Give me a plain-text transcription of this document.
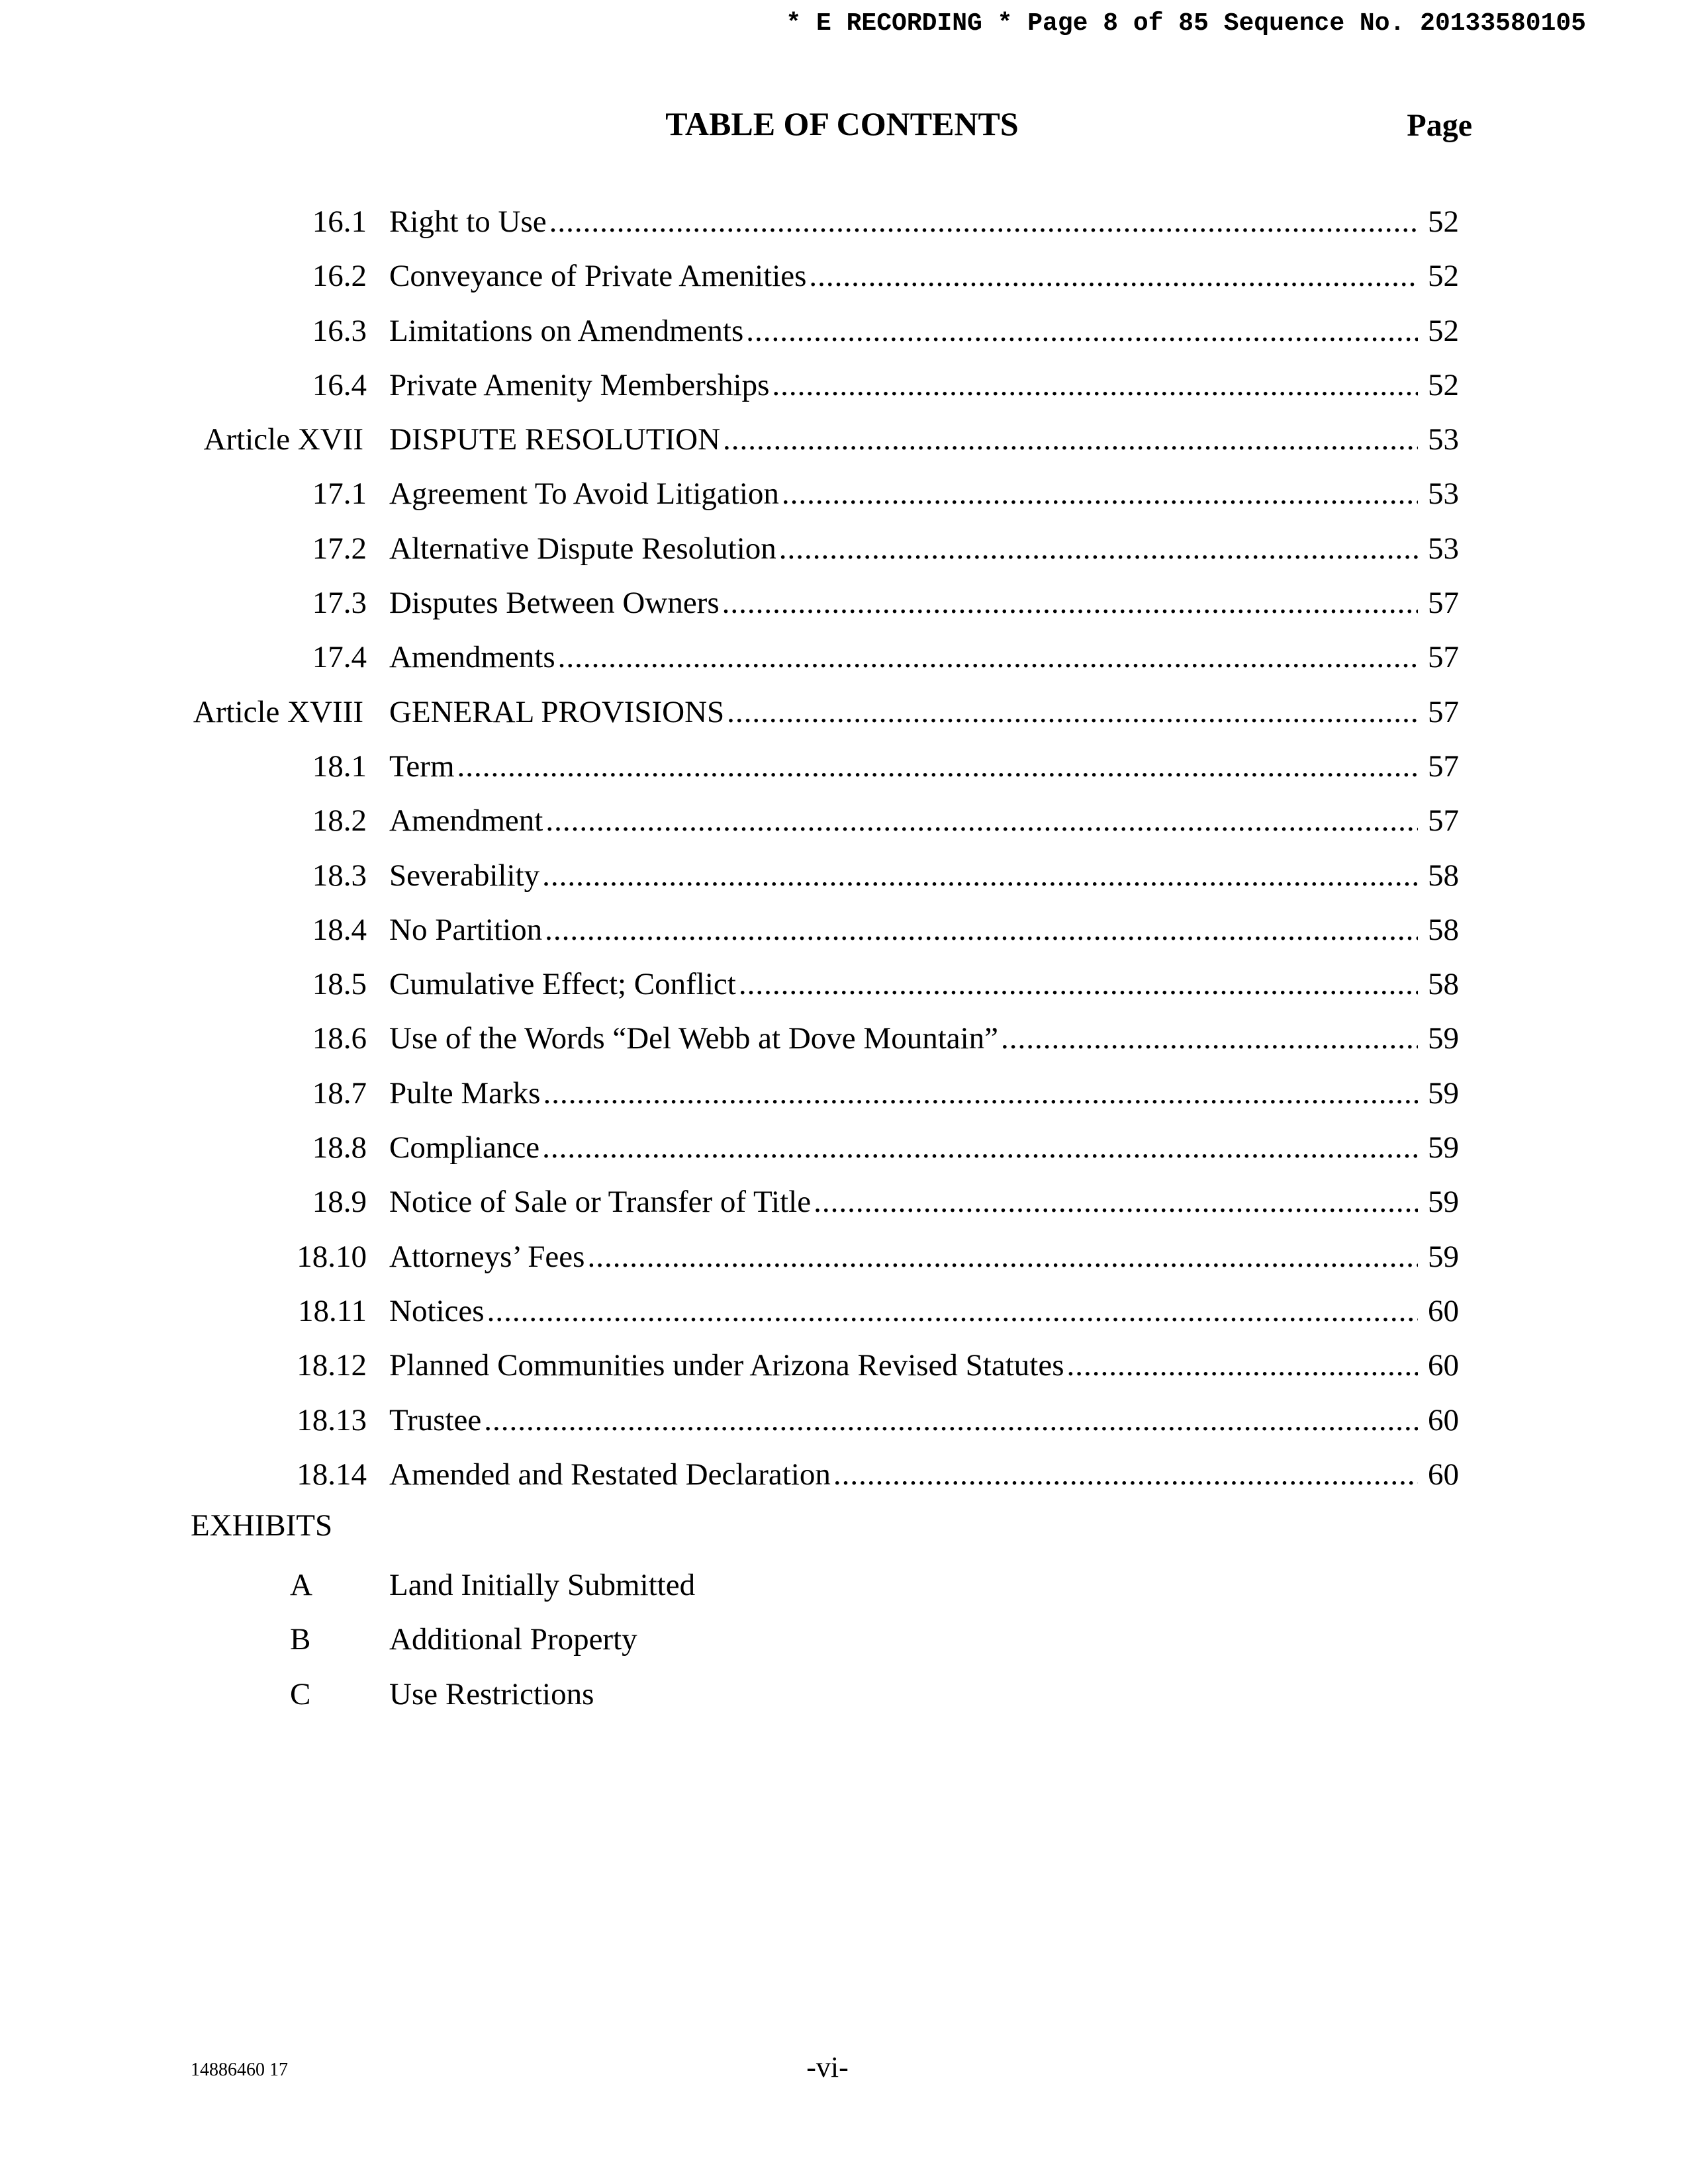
* E RECORDING * Page 8 of 85 Sequence No. 20133580105
TABLE OF CONTENTS	Page
16.1 Right to Use .....	52
16.2 Conveyance of Private Amenities .....	52
16.3 Limitations on Amendments .....	52
16.4 Private Amenity Memberships .....	52
Article XVII DISPUTE RESOLUTION .....	53
17.1 Agreement To Avoid Litigation .....	53
17.2 Alternative Dispute Resolution .....	53
17.3 Disputes Between Owners .....	57
17.4 Amendments .....	57
Article XVIII GENERAL PROVISIONS .....	57
18.1 Term .....	57
18.2 Amendment .....	57
18.3 Severability .....	58
18.4 No Partition .....	58
18.5 Cumulative Effect; Conflict .....	58
18.6 Use of the Words “Del Webb at Dove Mountain” .....	59
18.7 Pulte Marks .....	59
18.8 Compliance .....	59
18.9 Notice of Sale or Transfer of Title .....	59
18.10 Attorneys’ Fees .....	59
18.11 Notices .....	60
18.12 Planned Communities under Arizona Revised Statutes .....	60
18.13 Trustee .....	60
18.14 Amended and Restated Declaration .....	60
EXHIBITS
A Land Initially Submitted
B	Additional Property
C	Use Restrictions
14886460 17	-vi-
